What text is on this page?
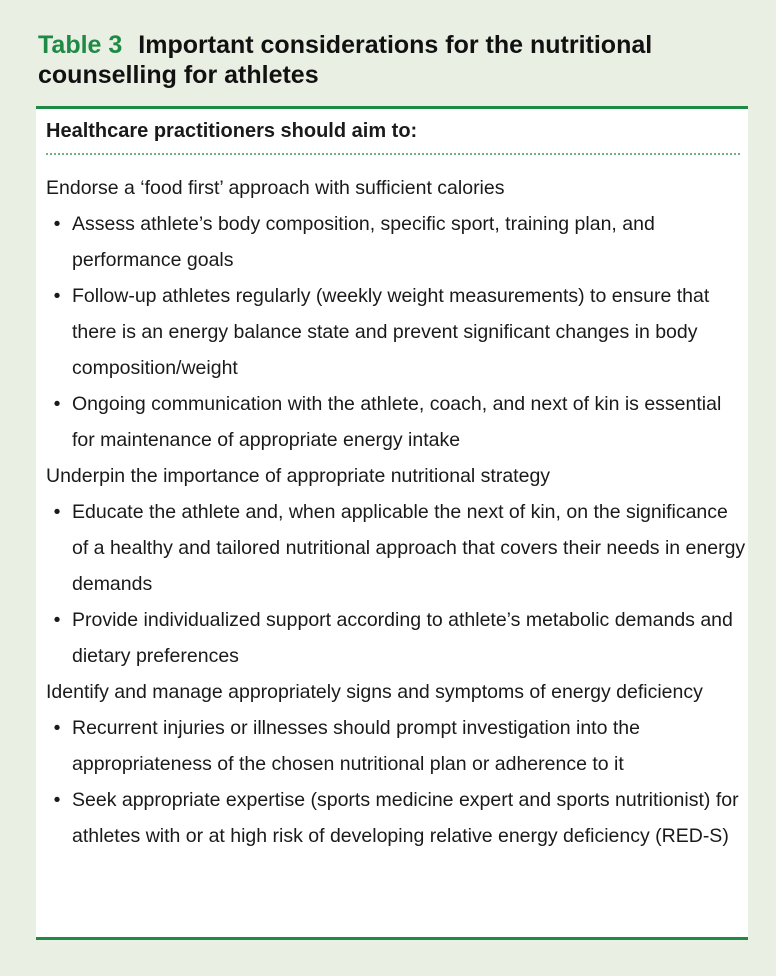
Table 3 Important considerations for the nutritional counselling for athletes
Healthcare practitioners should aim to:
Endorse a ‘food first’ approach with sufficient calories
• Assess athlete’s body composition, specific sport, training plan, and performance goals
• Follow-up athletes regularly (weekly weight measurements) to ensure that there is an energy balance state and prevent significant changes in body composition/weight
• Ongoing communication with the athlete, coach, and next of kin is essential for maintenance of appropriate energy intake
Underpin the importance of appropriate nutritional strategy
• Educate the athlete and, when applicable the next of kin, on the significance of a healthy and tailored nutritional approach that covers their needs in energy demands
• Provide individualized support according to athlete’s metabolic demands and dietary preferences
Identify and manage appropriately signs and symptoms of energy deficiency
• Recurrent injuries or illnesses should prompt investigation into the appropriateness of the chosen nutritional plan or adherence to it
• Seek appropriate expertise (sports medicine expert and sports nutritionist) for athletes with or at high risk of developing relative energy deficiency (RED-S)
